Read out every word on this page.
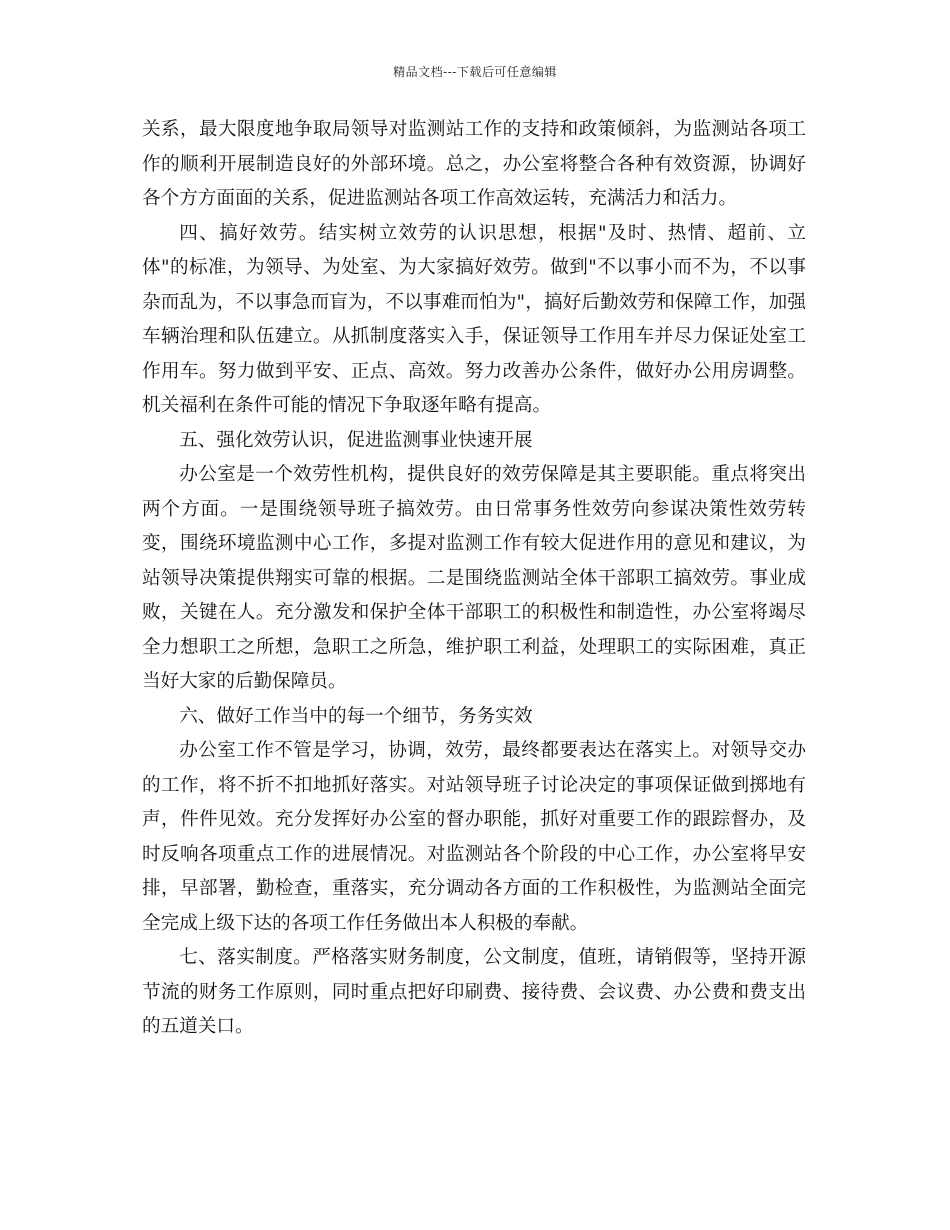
精品文档---下载后可任意编辑

关系，最大限度地争取局领导对监测站工作的支持和政策倾斜，为监测站各项工作的顺利开展制造良好的外部环境。总之，办公室将整合各种有效资源，协调好各个方方面面的关系，促进监测站各项工作高效运转，充满活力和活力。

四、搞好效劳。结实树立效劳的认识思想，根据"及时、热情、超前、立体"的标准，为领导、为处室、为大家搞好效劳。做到"不以事小而不为，不以事杂而乱为，不以事急而盲为，不以事难而怕为"，搞好后勤效劳和保障工作，加强车辆治理和队伍建立。从抓制度落实入手，保证领导工作用车并尽力保证处室工作用车。努力做到平安、正点、高效。努力改善办公条件，做好办公用房调整。机关福利在条件可能的情况下争取逐年略有提高。

五、强化效劳认识，促进监测事业快速开展

办公室是一个效劳性机构，提供良好的效劳保障是其主要职能。重点将突出两个方面。一是围绕领导班子搞效劳。由日常事务性效劳向参谋决策性效劳转变，围绕环境监测中心工作，多提对监测工作有较大促进作用的意见和建议，为站领导决策提供翔实可靠的根据。二是围绕监测站全体干部职工搞效劳。事业成败，关键在人。充分激发和保护全体干部职工的积极性和制造性，办公室将竭尽全力想职工之所想，急职工之所急，维护职工利益，处理职工的实际困难，真正当好大家的后勤保障员。

六、做好工作当中的每一个细节，务务实效

办公室工作不管是学习，协调，效劳，最终都要表达在落实上。对领导交办的工作，将不折不扣地抓好落实。对站领导班子讨论决定的事项保证做到掷地有声，件件见效。充分发挥好办公室的督办职能，抓好对重要工作的跟踪督办，及时反响各项重点工作的进展情况。对监测站各个阶段的中心工作，办公室将早安排，早部署，勤检查，重落实，充分调动各方面的工作积极性，为监测站全面完全完成上级下达的各项工作任务做出本人积极的奉献。

七、落实制度。严格落实财务制度，公文制度，值班，请销假等，坚持开源节流的财务工作原则，同时重点把好印刷费、接待费、会议费、办公费和费支出的五道关口。
